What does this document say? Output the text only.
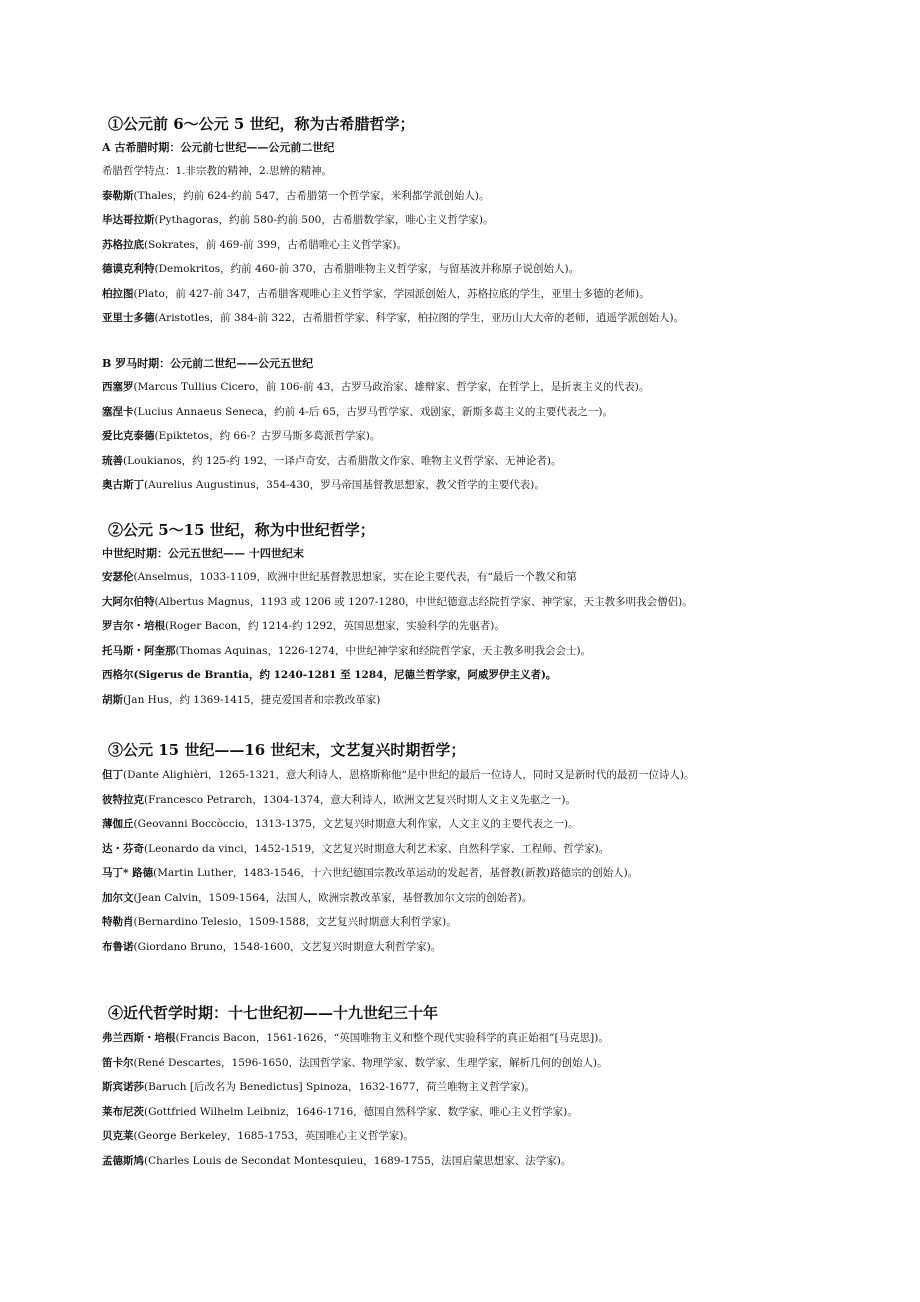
①公元前 6～公元 5 世纪，称为古希腊哲学；
A 古希腊时期：公元前七世纪——公元前二世纪
希腊哲学特点：1.非宗教的精神，2.思辨的精神。
泰勒斯(Thales，约前 624-约前 547，古希腊第一个哲学家，米利都学派创始人)。
毕达哥拉斯(Pythagoras，约前 580-约前 500，古希腊数学家，唯心主义哲学家)。
苏格拉底(Sokrates，前 469-前 399，古希腊唯心主义哲学家)。
德谟克利特(Demokritos，约前 460-前 370，古希腊唯物主义哲学家，与留基波并称原子说创始人)。
柏拉图(Plato，前 427-前 347，古希腊客观唯心主义哲学家，学园派创始人，苏格拉底的学生，亚里士多德的老师)。
亚里士多德(Aristotles，前 384-前 322，古希腊哲学家、科学家，柏拉图的学生，亚历山大大帝的老师，逍遥学派创始人)。
B 罗马时期：公元前二世纪——公元五世纪
西塞罗(Marcus Tullius Cicero，前 106-前 43，古罗马政治家、雄辩家、哲学家，在哲学上，是折衷主义的代表)。
塞涅卡(Lucius Annaeus Seneca，约前 4-后 65，古罗马哲学家、戏剧家，新斯多葛主义的主要代表之一)。
爱比克泰德(Epiktetos，约 66-？古罗马斯多葛派哲学家)。
琉善(Loukianos，约 125-约 192，一译卢奇安，古希腊散文作家、唯物主义哲学家、无神论者)。
奥古斯丁(Aurelius Augustinus，354-430，罗马帝国基督教思想家，教父哲学的主要代表)。
②公元 5～15 世纪，称为中世纪哲学；
中世纪时期：公元五世纪—— 十四世纪末
安瑟伦(Anselmus，1033-1109，欧洲中世纪基督教思想家，实在论主要代表，有“最后一个教父和第
大阿尔伯特(Albertus Magnus，1193 或 1206 或 1207-1280，中世纪德意志经院哲学家、神学家，天主教多明我会僧侣)。
罗吉尔・培根(Roger Bacon，约 1214-约 1292，英国思想家，实验科学的先驱者)。
托马斯・阿奎那(Thomas Aquinas，1226-1274，中世纪神学家和经院哲学家，天主教多明我会会士)。
西格尔(Sigerus de Brantia，约 1240-1281 至 1284，尼德兰哲学家，阿威罗伊主义者)。
胡斯(Jan Hus，约 1369-1415，捷克爱国者和宗教改革家)
③公元 15 世纪——16 世纪末，文艺复兴时期哲学；
但丁(Dante Alighièri，1265-1321，意大利诗人，恩格斯称他“是中世纪的最后一位诗人，同时又是新时代的最初一位诗人)。
彼特拉克(Francesco Petrarch，1304-1374，意大利诗人，欧洲文艺复兴时期人文主义先驱之一)。
薄伽丘(Geovanni Boccòccio，1313-1375，文艺复兴时期意大利作家，人文主义的主要代表之一)。
达・芬奇(Leonardo da vinci，1452-1519，文艺复兴时期意大利艺术家、自然科学家、工程师、哲学家)。
马丁* 路德(Martin Luther，1483-1546，十六世纪德国宗教改革运动的发起者，基督教(新教)路德宗的创始人)。
加尔文(Jean Calvin，1509-1564，法国人，欧洲宗教改革家，基督教加尔文宗的创始者)。
特勒肖(Bernardino Telesio，1509-1588，文艺复兴时期意大利哲学家)。
布鲁诺(Giordano Bruno，1548-1600，文艺复兴时期意大利哲学家)。
④近代哲学时期：十七世纪初——十九世纪三十年
弗兰西斯・培根(Francis Bacon，1561-1626，“英国唯物主义和整个现代实验科学的真正始祖”[马克思])。
笛卡尔(René Descartes，1596-1650，法国哲学家、物理学家、数学家、生理学家，解析几何的创始人)。
斯宾诺莎(Baruch [后改名为 Benedictus] Spinoza，1632-1677，荷兰唯物主义哲学家)。
莱布尼茨(Gottfried Wilhelm Leibniz，1646-1716，德国自然科学家、数学家、唯心主义哲学家)。
贝克莱(George Berkeley，1685-1753，英国唯心主义哲学家)。
孟德斯鸠(Charles Louis de Secondat Montesquieu，1689-1755，法国启蒙思想家、法学家)。
